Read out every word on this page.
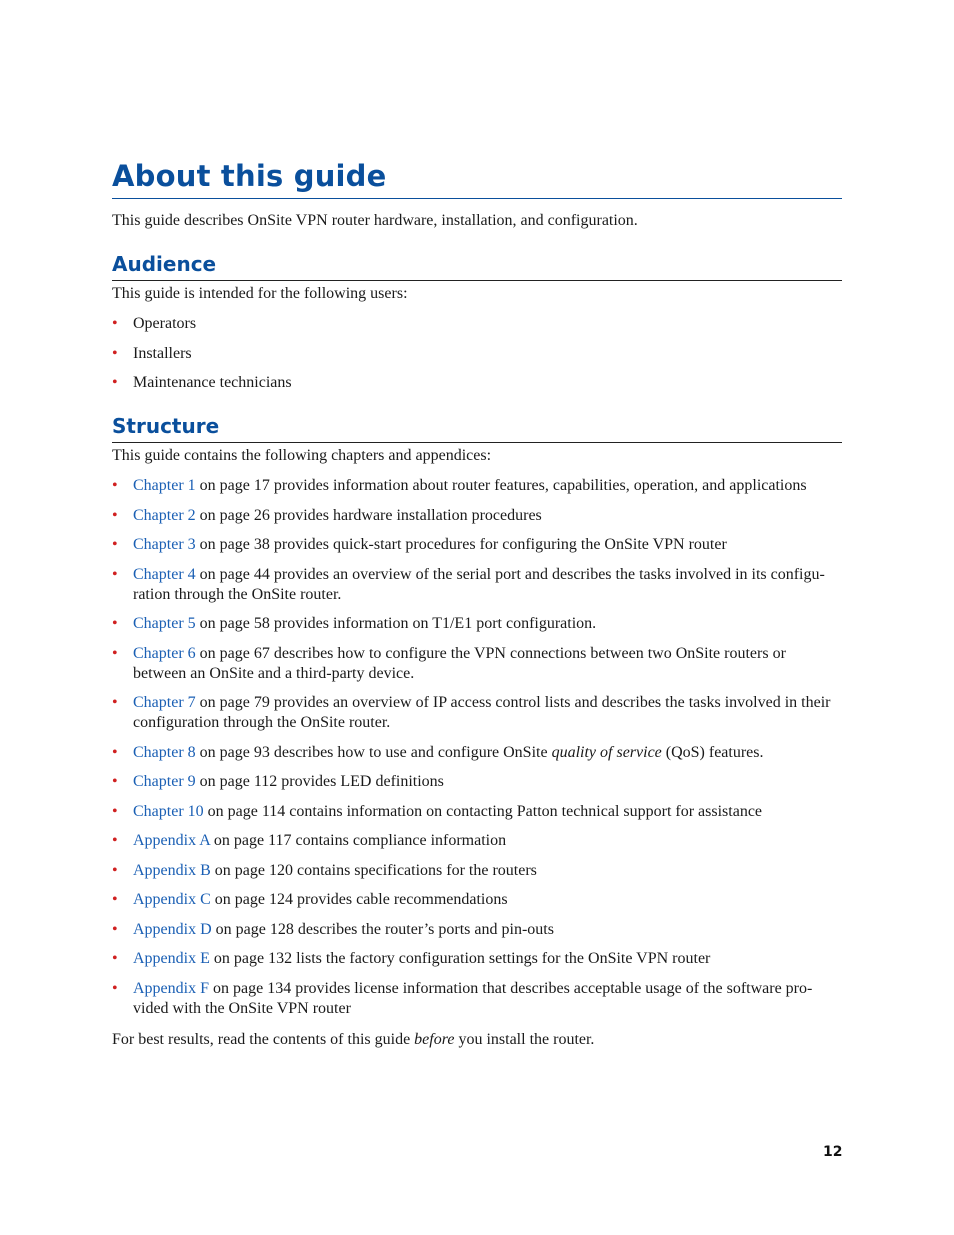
About this guide
This guide describes OnSite VPN router hardware, installation, and configuration.
Audience
This guide is intended for the following users:
• Operators
• Installers
• Maintenance technicians
Structure
This guide contains the following chapters and appendices:
• Chapter 1 on page 17 provides information about router features, capabilities, operation, and applications
• Chapter 2 on page 26 provides hardware installation procedures
• Chapter 3 on page 38 provides quick-start procedures for configuring the OnSite VPN router
• Chapter 4 on page 44 provides an overview of the serial port and describes the tasks involved in its configu-
ration through the OnSite router.
• Chapter 5 on page 58 provides information on T1/E1 port configuration.
• Chapter 6 on page 67 describes how to configure the VPN connections between two OnSite routers or
between an OnSite and a third-party device.
• Chapter 7 on page 79 provides an overview of IP access control lists and describes the tasks involved in their
configuration through the OnSite router.
• Chapter 8 on page 93 describes how to use and configure OnSite quality of service (QoS) features.
• Chapter 9 on page 112 provides LED definitions
• Chapter 10 on page 114 contains information on contacting Patton technical support for assistance
• Appendix A on page 117 contains compliance information
• Appendix B on page 120 contains specifications for the routers
• Appendix C on page 124 provides cable recommendations
• Appendix D on page 128 describes the router’s ports and pin-outs
• Appendix E on page 132 lists the factory configuration settings for the OnSite VPN router
• Appendix F on page 134 provides license information that describes acceptable usage of the software pro-
vided with the OnSite VPN router
For best results, read the contents of this guide before you install the router.
12
